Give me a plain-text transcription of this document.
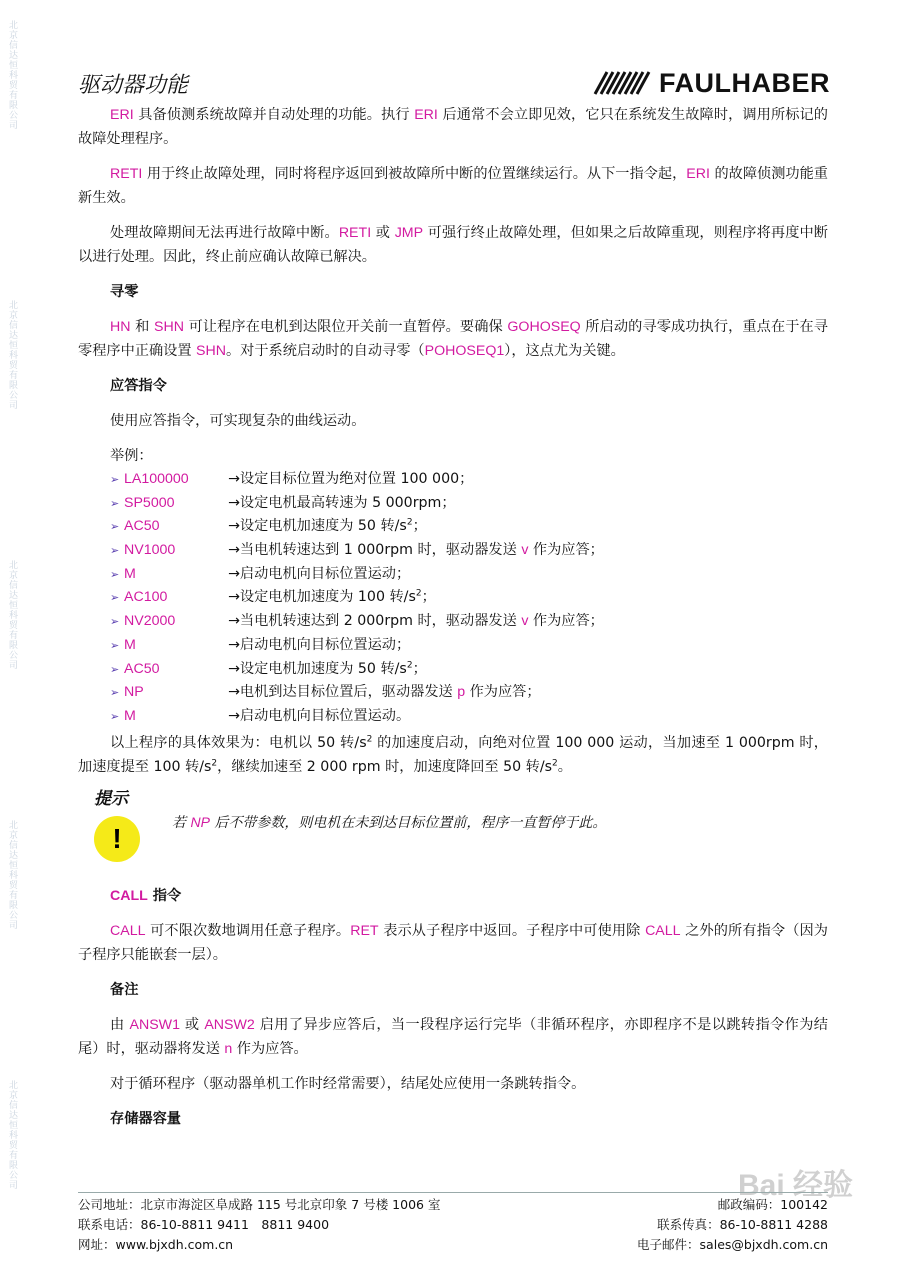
北京信达恒科贸有限公司
北京信达恒科贸有限公司
北京信达恒科贸有限公司
北京信达恒科贸有限公司
北京信达恒科贸有限公司
驱动器功能	FAULHABER

ERI 具备侦测系统故障并自动处理的功能。执行 ERI 后通常不会立即见效，它只在系统发生故障时，调用所标记的故障处理程序。

RETI 用于终止故障处理，同时将程序返回到被故障所中断的位置继续运行。从下一指令起，ERI 的故障侦测功能重新生效。

处理故障期间无法再进行故障中断。RETI 或 JMP 可强行终止故障处理，但如果之后故障重现，则程序将再度中断以进行处理。因此，终止前应确认故障已解决。

寻零

HN 和 SHN 可让程序在电机到达限位开关前一直暂停。要确保 GOHOSEQ 所启动的寻零成功执行，重点在于在寻零程序中正确设置 SHN。对于系统启动时的自动寻零（POHOSEQ1），这点尤为关键。

应答指令

使用应答指令，可实现复杂的曲线运动。

举例：

➢ LA100000	→设定目标位置为绝对位置 100 000；
➢ SP5000	→设定电机最高转速为 5 000rpm；
➢ AC50	→设定电机加速度为 50 转$/s^2$；
➢ NV1000	→当电机转速达到 1 000rpm 时，驱动器发送 v 作为应答；
➢ M	→启动电机向目标位置运动；
➢ AC100	→设定电机加速度为 100 转$/s^2$；
➢ NV2000	→当电机转速达到 2 000rpm 时，驱动器发送 v 作为应答；
➢ M	→启动电机向目标位置运动；
➢ AC50	→设定电机加速度为 50 转$/s^2$；
➢ NP	→电机到达目标位置后，驱动器发送 p 作为应答；
➢ M	→启动电机向目标位置运动。

以上程序的具体效果为：电机以 50 转$/s^2$ 的加速度启动，向绝对位置 100 000 运动，当加速至 1 000rpm 时，加速度提至 100 转$/s^2$，继续加速至 2 000 rpm 时，加速度降回至 50 转$/s^2$。

提示
!	若 NP 后不带参数，则电机在未到达目标位置前，程序一直暂停于此。

CALL 指令

CALL 可不限次数地调用任意子程序。RET 表示从子程序中返回。子程序中可使用除 CALL 之外的所有指令（因为子程序只能嵌套一层）。

备注

由 ANSW1 或 ANSW2 启用了异步应答后，当一段程序运行完毕（非循环程序，亦即程序不是以跳转指令作为结尾）时，驱动器将发送 n 作为应答。

对于循环程序（驱动器单机工作时经常需要），结尾处应使用一条跳转指令。

存储器容量

Bai 经验
公司地址：北京市海淀区阜成路 115 号北京印象 7 号楼 1006 室	邮政编码：100142
联系电话：86-10-8811 9411　8811 9400	联系传真：86-10-8811 4288
网址：www.bjxdh.com.cn	电子邮件：sales@bjxdh.com.cn
